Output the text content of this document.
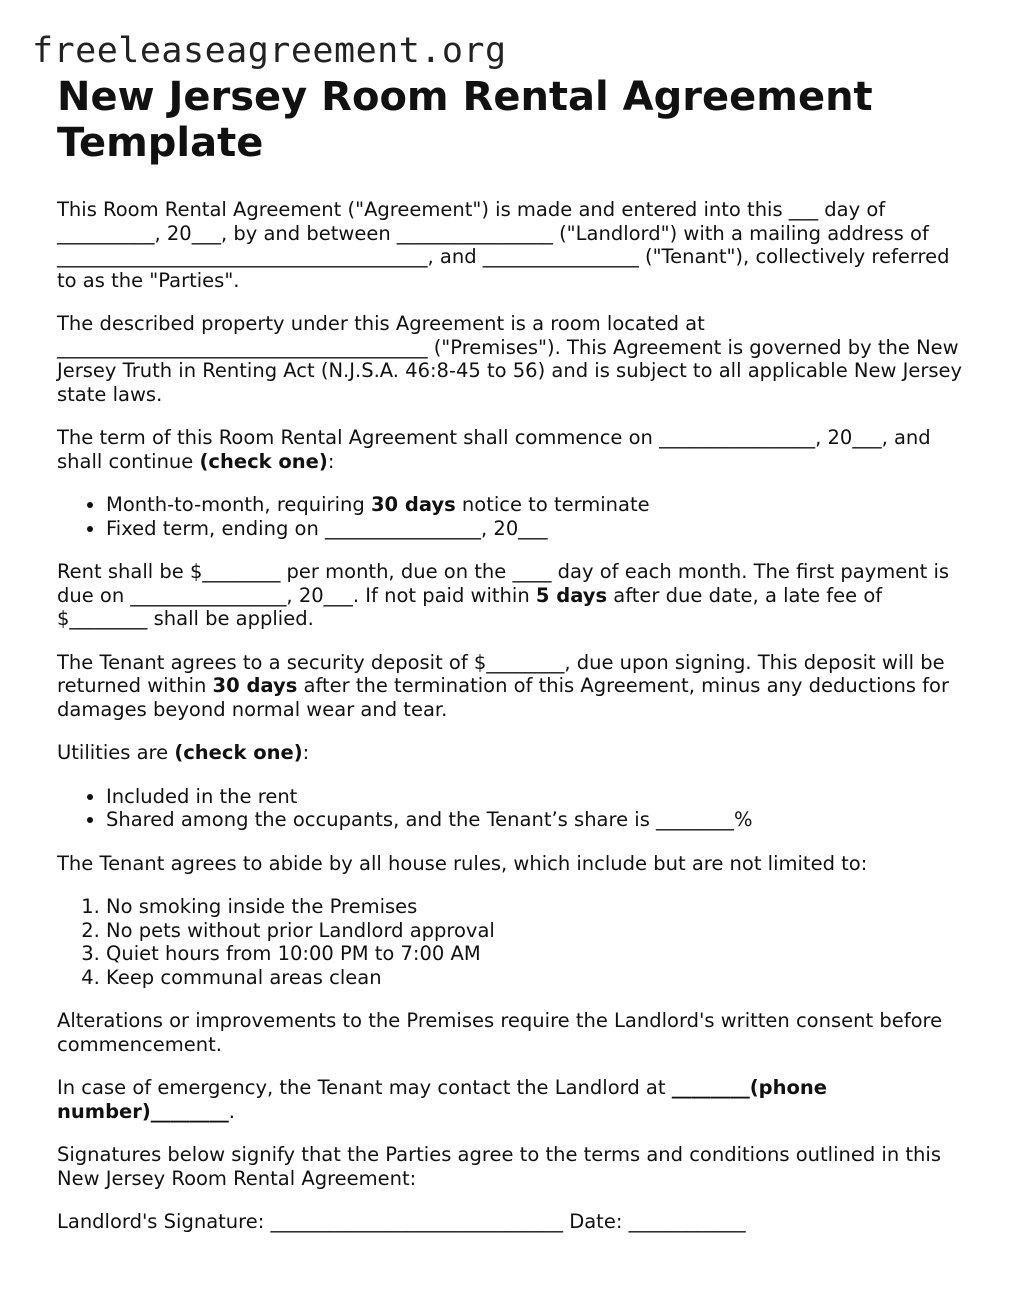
freeleaseagreement.org
New Jersey Room Rental Agreement Template

This Room Rental Agreement ("Agreement") is made and entered into this ___ day of __________, 20___, by and between ________________ ("Landlord") with a mailing address of ______________________________________, and ________________ ("Tenant"), collectively referred to as the "Parties".

The described property under this Agreement is a room located at ______________________________________ ("Premises"). This Agreement is governed by the New Jersey Truth in Renting Act (N.J.S.A. 46:8-45 to 56) and is subject to all applicable New Jersey state laws.

The term of this Room Rental Agreement shall commence on ________________, 20___, and shall continue (check one):

• Month-to-month, requiring 30 days notice to terminate
• Fixed term, ending on ________________, 20___

Rent shall be $________ per month, due on the ____ day of each month. The first payment is due on ________________, 20___. If not paid within 5 days after due date, a late fee of $________ shall be applied.

The Tenant agrees to a security deposit of $________, due upon signing. This deposit will be returned within 30 days after the termination of this Agreement, minus any deductions for damages beyond normal wear and tear.

Utilities are (check one):

• Included in the rent
• Shared among the occupants, and the Tenant’s share is ________%

The Tenant agrees to abide by all house rules, which include but are not limited to:

1. No smoking inside the Premises
2. No pets without prior Landlord approval
3. Quiet hours from 10:00 PM to 7:00 AM
4. Keep communal areas clean

Alterations or improvements to the Premises require the Landlord's written consent before commencement.

In case of emergency, the Tenant may contact the Landlord at ________(phone number)________.

Signatures below signify that the Parties agree to the terms and conditions outlined in this New Jersey Room Rental Agreement:

Landlord's Signature: ______________________________ Date: ____________
